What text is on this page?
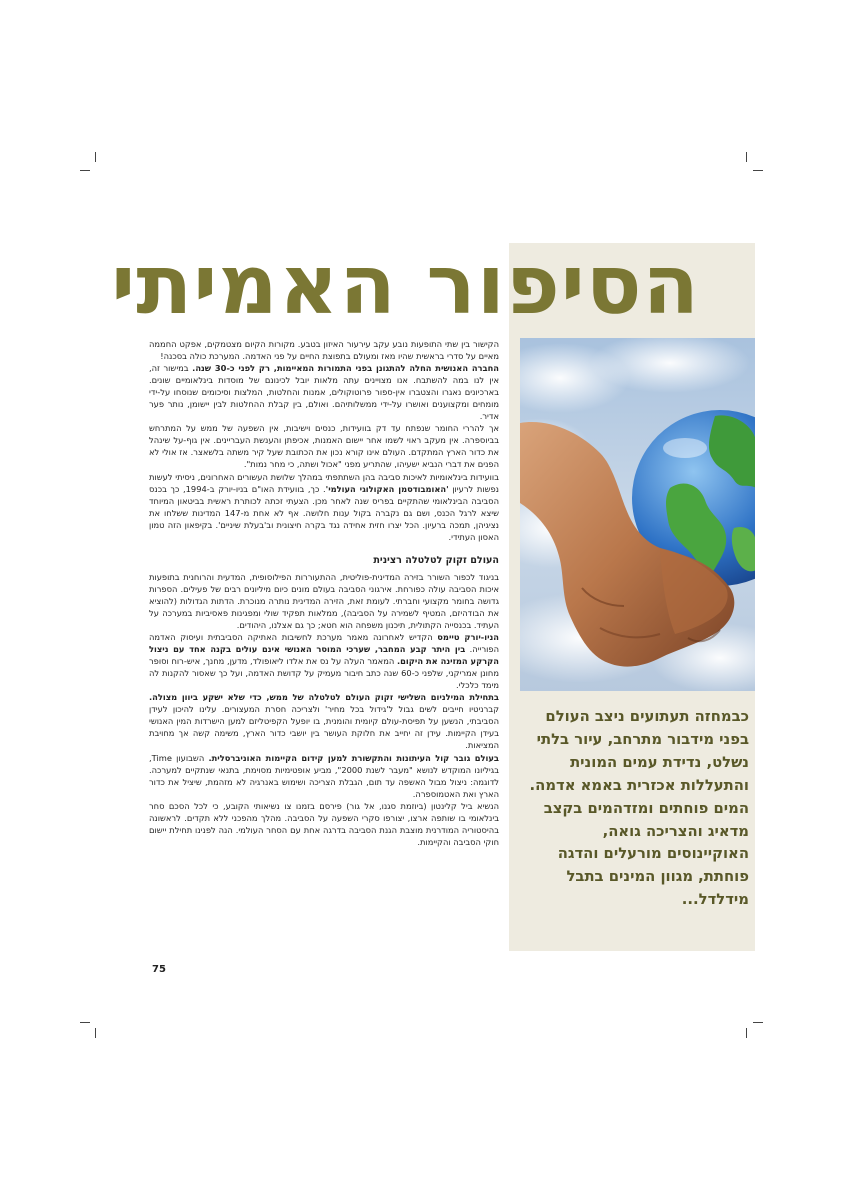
הסיפור האמיתי

כבמחזה תעתועים ניצב העולם בפני מידבור מתרחב, עיור בלתי נשלט, נדידת עמים המונית והתעללות אכזרית באמא אדמה. המים פוחתים ומזדהמים בקצב מדאיג והצריכה גואה, האוקיינוסים מורעלים והדגה פוחתת, מגוון המינים בתבל מידלדל...

הקישור בין שתי התופעות נובע עקב עירעור האיזון בטבע. מקורות הקיום מצטמקים, אפקט החממה מאיים על סדרי בראשית שהיו מאז ומעולם בתפוצת החיים על פני האדמה. המערכת כולה בסכנה!

החברה האנושית החלה להתגונן בפני התמורות המאיימות, רק לפני כ-30 שנה. במישור זה, אין לנו במה להשתבח. אנו מצויינים עתה מלאות יובל לכינונם של מוסדות בינלאומיים שונים. בארכיונים נאגרו והצטברו אין-ספור פרוטוקולים, אמנות והחלטות, המלצות וסיכומים שנוסחו על-ידי מומחים ומקצוענים ואושרו על-ידי ממשלותיהם. ואולם, בין קבלת ההחלטות לבין יישומן, נותר פער אדיר.

אך להררי החומר שנפתח עד דק בוועידות, כנסים וישיבות, אין השפעה של ממש על המתרחש בביוספרה. אין מעקב ראוי לשמו אחר יישום האמנות, אכיפתן והענשת העבריינים. אין גוף-על שינהל את כדור הארץ המתקדם. העולם אינו קורא נכון את הכתובת שעל קיר משתה בלשאצר. אז אולי לא הפנים את דברי הנביא ישעיהו, שהתריע מפני "אכול ושתה, כי מחר נמות".

בוועידות בינלאומיות לאיכות סביבה בהן השתתפתי במהלך שלושת העשורים האחרונים, ניסיתי לעשות נפשות לרעיון 'האומבודסמן האקולוגי העולמי'. כך, בוועידת האו"ם בניו-יורק ב-1994, כך בכנס הסביבה הבינלאומי שהתקיים בפריס שנה לאחר מכן. הצעתי זכתה לכותרת ראשית בביטאון המיוחד שיצא לרגל הכנס, ושם גם נקברה בקול ענות חלושה. אף לא אחת מ-147 המדינות ששלחו את נציגיהן, תמכה ברעיון. הכל יצרו חזית אחידה נגד בקרה חיצונית וב'בעלת שיניים'. בקיפאון הזה טמון האסון העתידי.

העולם זקוק לטלטלה רצינית

בניגוד לכפור השורר בזירה המדינית-פוליטית, ההתעוררות הפילוסופית, המדעית והרוחנית בתופעות איכות הסביבה עולה כפורחת. אירגוני הסביבה בעולם מונים כיום מיליונים רבים של פעילים. הספרות גדושה בחומר מקצועי וחברתי. לעומת זאת, הזירה המדינית נותרה מנוכרת. הדתות הגדולות (להוציא את הבודהיזם, המטיף לשמירה על הסביבה), ממלאות תפקיד שולי ומפגינות פאסיביות במערכה על העתיד. בכנסייה הקתולית, תיכנון משפחה הוא חטא; כך גם אצלנו, היהודים.

הניו-יורק טיימס הקדיש לאחרונה מאמר מערכת לחשיבות האתיקה הסביבתית ועיסוק האדמה הפורייה. בין היתר קבע המחבר, שערכי המוסר האנושי אינם עולים בקנה אחד עם ניצול הקרקע המזינה את היקום. המאמר העלה על נס את אלדו ליאופולד, מדען, מחנך, איש-רוח וסופר מחונן אמריקני, שלפני כ-60 שנה כתב חיבור מעמיק על קדושת האדמה, ועל כך שאסור להקנות לה מימד כלכלי.

בתחילת המילניום השלישי זקוק העולם לטלטלה של ממש, כדי שלא ישקע ביוון מצולה. קברניטיו חייבים לשים גבול ל'גידול בכל מחיר' ולצריכה חסרת המעצורים. עלינו להיכון לעידן הסביבתי, הנשען על תפיסת-עולם קיומית והומנית, בו יופעל הקפיטליזם למען הישרדות המין האנושי בעידן הקיימות. עידן זה יחייב את חלוקת העושר בין יושבי כדור הארץ, משימה קשה אך מחויבת המציאות.

בעולם גובר קול העיתונות והתקשורת למען קידום הקיימות האוניברסלית. השבועון Time, בגיליונו המוקדש לנושא "מעבר לשנת 2000", מביע אופטימיות מסוימת, בתנאי שנתקיים למערכה. לדוגמה: ניצול מבול האשפה עד תום, הגבלת הצריכה ושימוש באנרגיה לא מזהמת, שיציל את כדור הארץ ואת האטמוספרה.

הנשיא ביל קלינטון (ביוזמת סגנו, אל גור) פירסם בזמנו צו נשיאותי הקובע, כי לכל הסכם סחר בינלאומי בו שותפה ארצו, יצורפו סקרי השפעה על הסביבה. מהלך מהפכני ללא תקדים. לראשונה בהיסטוריה המודרנית מוצבת הגנת הסביבה בדרגה אחת עם הסחר העולמי. הנה לפנינו תחילת יישום חוקי הסביבה והקיימות.

75
